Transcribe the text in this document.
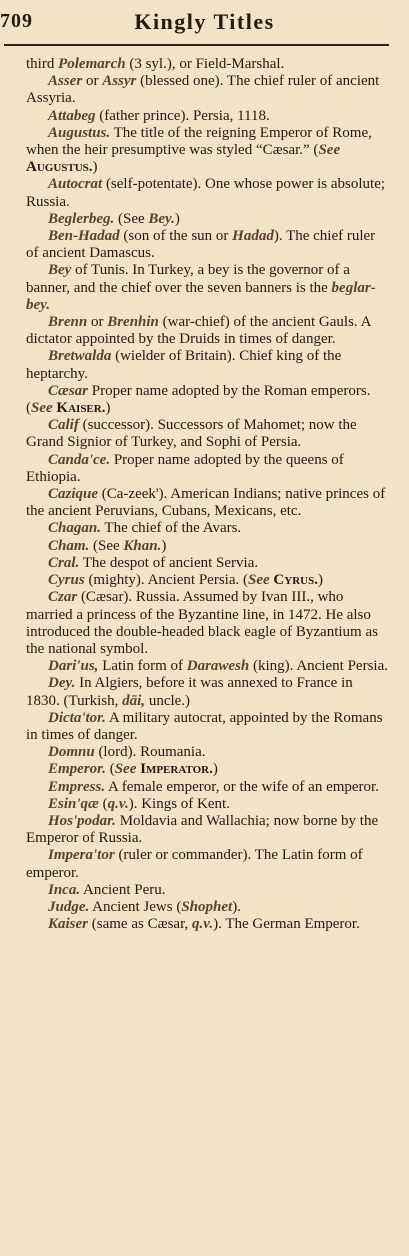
709	Kingly Titles

third Polemarch (3 syl.), or Field-Marshal.

Asser or Assyr (blessed one). The chief ruler of ancient Assyria.

Attabeg (father prince). Persia, 1118.

Augustus. The title of the reigning Emperor of Rome, when the heir presumptive was styled “Cæsar.” (See Augustus.)

Autocrat (self-potentate). One whose power is absolute; Russia.

Beglerbeg. (See Bey.)

Ben-Hadad (son of the sun or Hadad). The chief ruler of ancient Damascus.

Bey of Tunis. In Turkey, a bey is the governor of a banner, and the chief over the seven banners is the beglar-bey.

Brenn or Brenhin (war-chief) of the ancient Gauls. A dictator appointed by the Druids in times of danger.

Bretwalda (wielder of Britain). Chief king of the heptarchy.

Cæsar Proper name adopted by the Roman emperors. (See Kaiser.)

Calif (successor). Successors of Mahomet; now the Grand Signior of Turkey, and Sophi of Persia.

Canda'ce. Proper name adopted by the queens of Ethiopia.

Cazique (Ca-zeek'). American Indians; native princes of the ancient Peruvians, Cubans, Mexicans, etc.

Chagan. The chief of the Avars.

Cham. (See Khan.)

Cral. The despot of ancient Servia.

Cyrus (mighty). Ancient Persia. (See Cyrus.)

Czar (Cæsar). Russia. Assumed by Ivan III., who married a princess of the Byzantine line, in 1472. He also introduced the double-headed black eagle of Byzantium as the national symbol.

Dari'us, Latin form of Darawesh (king). Ancient Persia.

Dey. In Algiers, before it was annexed to France in 1830. (Turkish, dāi, uncle.)

Dicta'tor. A military autocrat, appointed by the Romans in times of danger.

Domnu (lord). Roumania.

Emperor. (See Imperator.)

Empress. A female emperor, or the wife of an emperor.

Esin'qæ (q.v.). Kings of Kent.

Hos'podar. Moldavia and Wallachia; now borne by the Emperor of Russia.

Impera'tor (ruler or commander). The Latin form of emperor.

Inca. Ancient Peru.

Judge. Ancient Jews (Shophet).

Kaiser (same as Cæsar, q.v.). The German Emperor.
